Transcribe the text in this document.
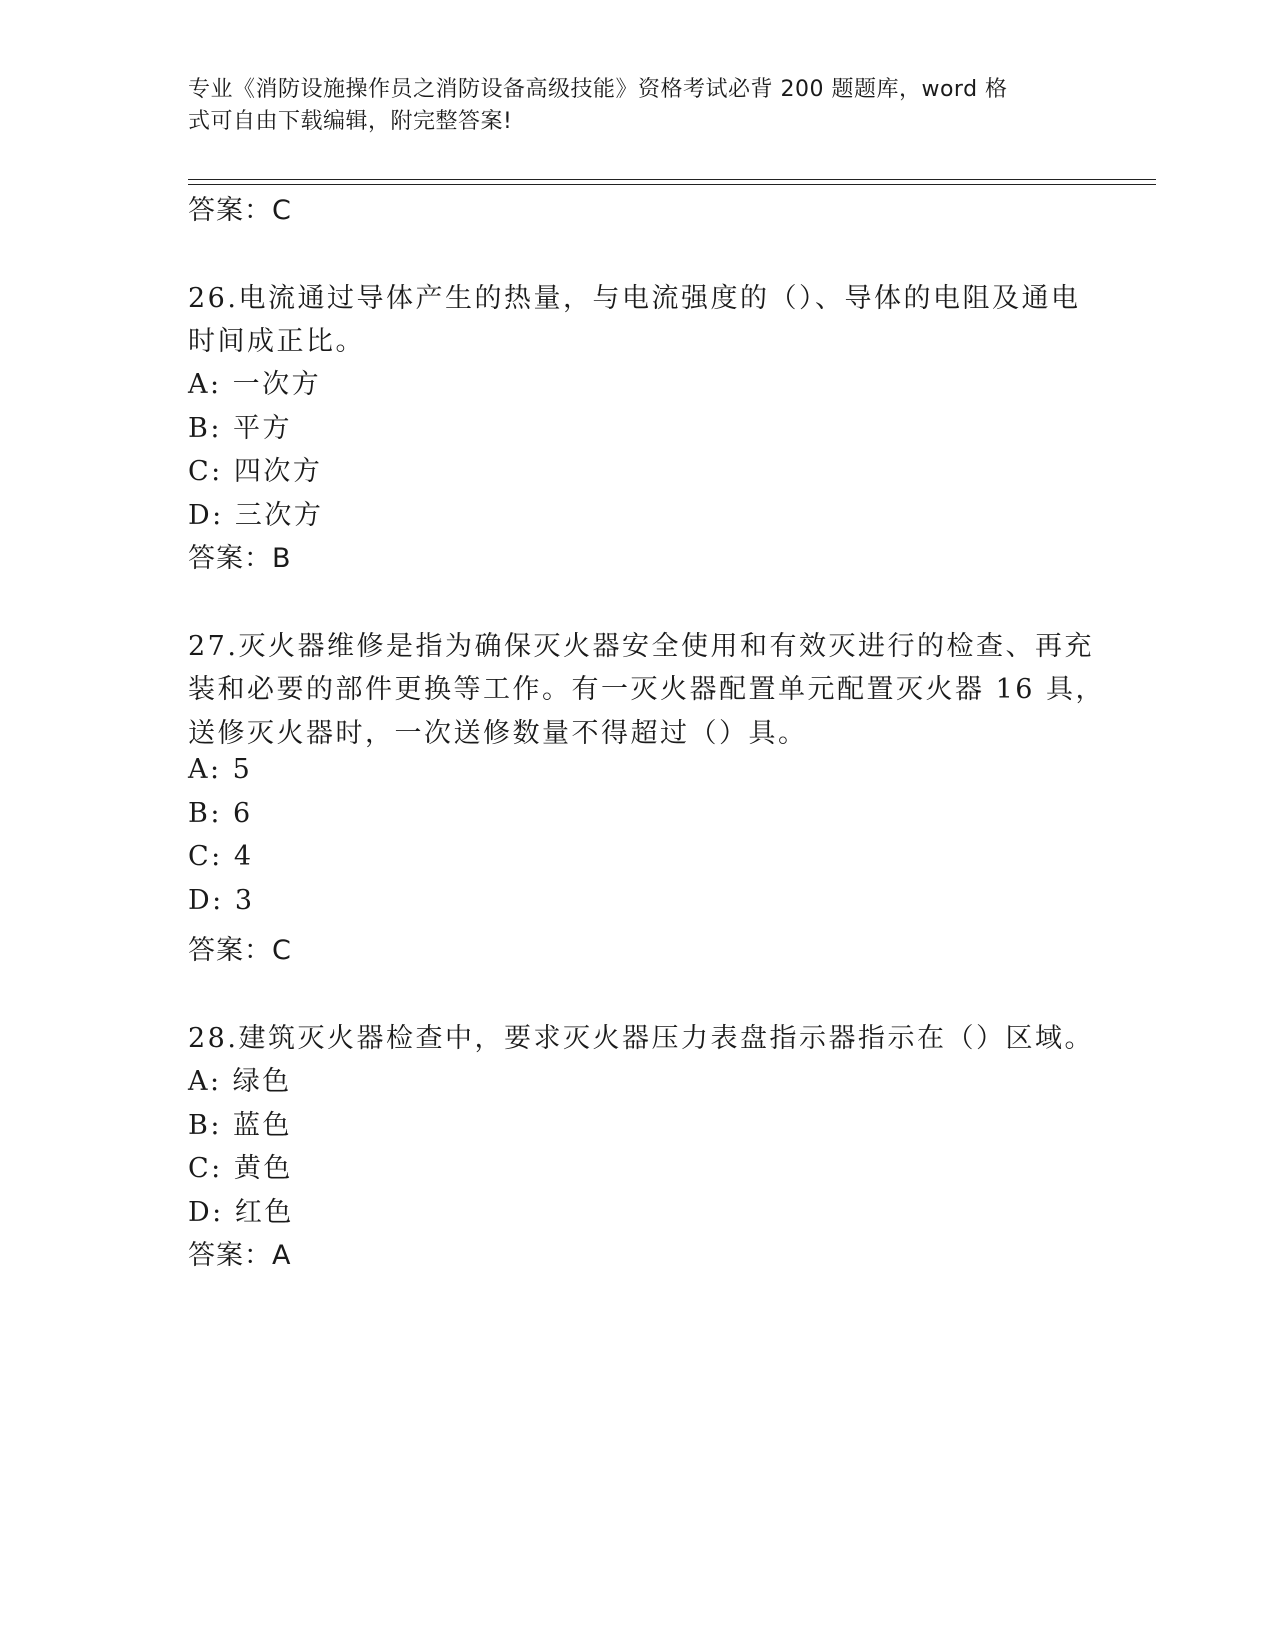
专业《消防设施操作员之消防设备高级技能》资格考试必背 200 题题库，word 格
式可自由下载编辑，附完整答案!
答案：C
26.电流通过导体产生的热量，与电流强度的（）、导体的电阻及通电
时间成正比。
A: 一次方
B: 平方
C: 四次方
D: 三次方
答案：B
27.灭火器维修是指为确保灭火器安全使用和有效灭进行的检查、再充
装和必要的部件更换等工作。有一灭火器配置单元配置灭火器 16 具，
送修灭火器时，一次送修数量不得超过（）具。
A: 5
B: 6
C: 4
D: 3
答案：C
28.建筑灭火器检查中，要求灭火器压力表盘指示器指示在（）区域。
A: 绿色
B: 蓝色
C: 黄色
D: 红色
答案：A
